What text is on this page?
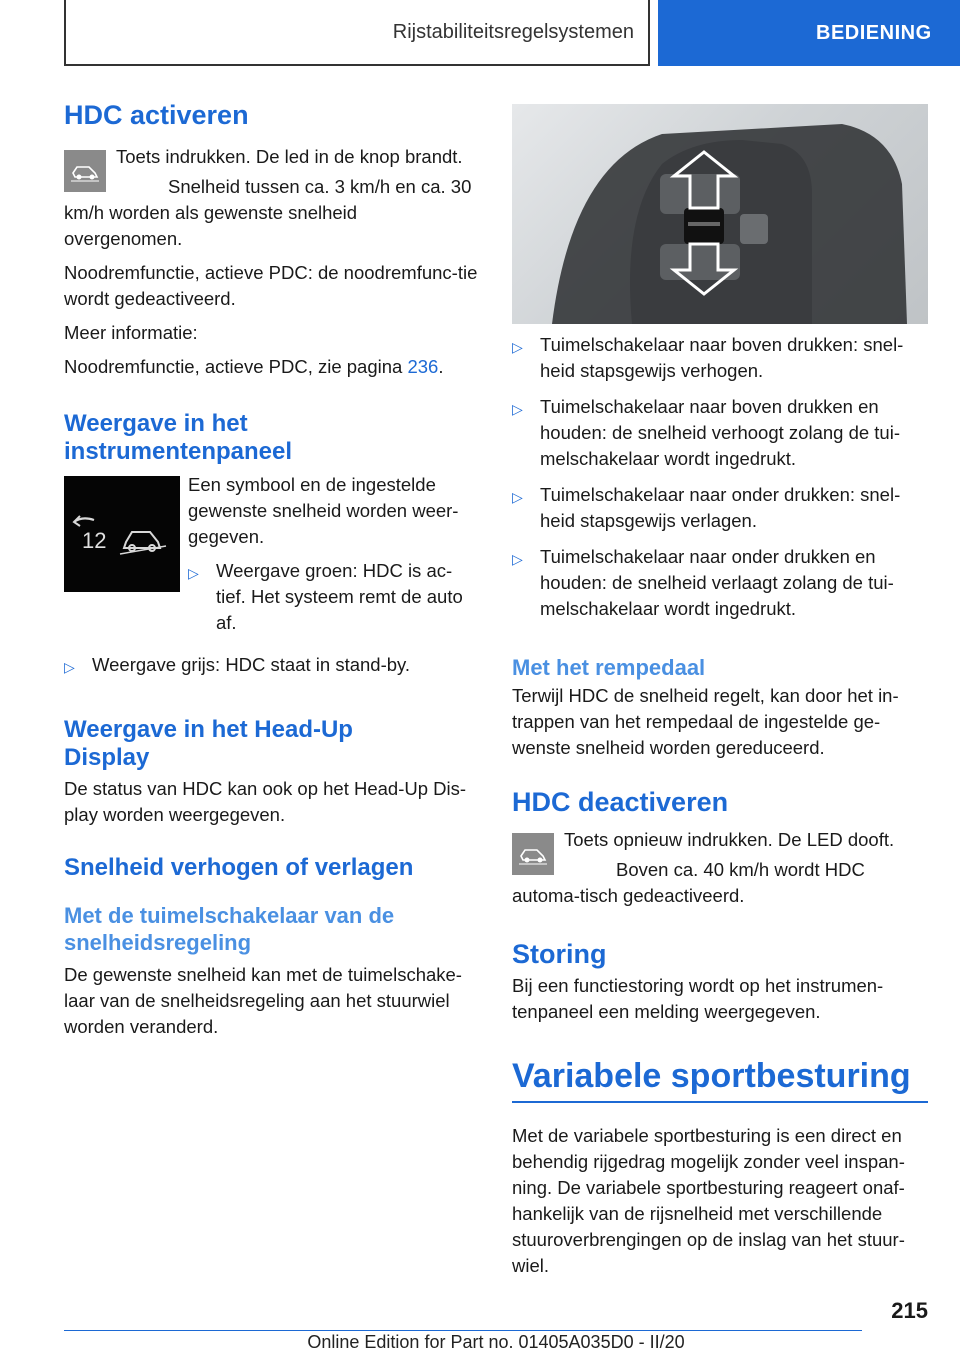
Rijstabiliteitsregelsystemen	BEDIENING
HDC activeren

Toets indrukken. De led in de knop brandt.

Snelheid tussen ca. 3 km/h en ca. 30 km/h worden als gewenste snelheid overgenomen.

Noodremfunctie, actieve PDC: de noodremfunc-tie wordt gedeactiveerd.

Meer informatie:

Noodremfunctie, actieve PDC, zie pagina 236.

Weergave in het instrumentenpaneel
12

Een symbool en de ingestelde gewenste snelheid worden weer-gegeven.

▷ Weergave groen: HDC is ac-tief. Het systeem remt de auto af.
▷ Weergave grijs: HDC staat in stand-by.
Weergave in het Head-Up Display

De status van HDC kan ook op het Head-Up Dis-play worden weergegeven.

Snelheid verhogen of verlagen
Met de tuimelschakelaar van de snelheidsregeling

De gewenste snelheid kan met de tuimelschake-laar van de snelheidsregeling aan het stuurwiel worden veranderd.

▷ Tuimelschakelaar naar boven drukken: snel-heid stapsgewijs verhogen.
▷ Tuimelschakelaar naar boven drukken en houden: de snelheid verhoogt zolang de tui-melschakelaar wordt ingedrukt.
▷ Tuimelschakelaar naar onder drukken: snel-heid stapsgewijs verlagen.
▷ Tuimelschakelaar naar onder drukken en houden: de snelheid verlaagt zolang de tui-melschakelaar wordt ingedrukt.
Met het rempedaal

Terwijl HDC de snelheid regelt, kan door het in-trappen van het rempedaal de ingestelde ge-wenste snelheid worden gereduceerd.

HDC deactiveren

Toets opnieuw indrukken. De LED dooft.

Boven ca. 40 km/h wordt HDC automa-tisch gedeactiveerd.

Storing

Bij een functiestoring wordt op het instrumen-tenpaneel een melding weergegeven.

Variabele sportbesturing

Met de variabele sportbesturing is een direct en behendig rijgedrag mogelijk zonder veel inspan-ning. De variabele sportbesturing reageert onaf-hankelijk van de rijsnelheid met verschillende stuuroverbrengingen op de inslag van het stuur-wiel.

215
Online Edition for Part no. 01405A035D0 - II/20
